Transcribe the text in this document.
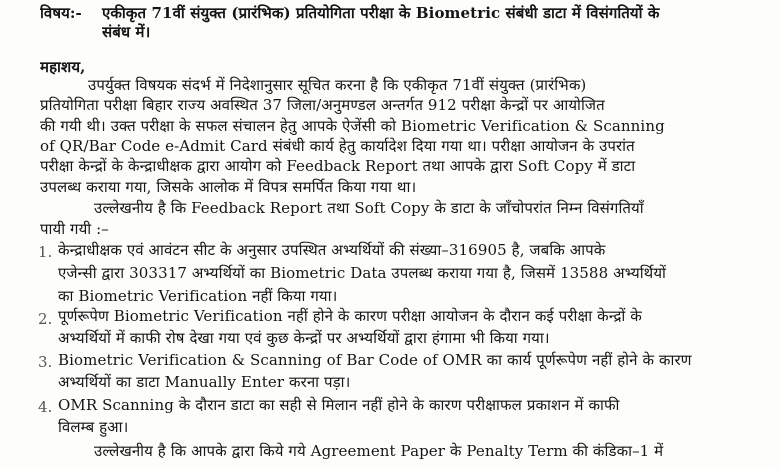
विषय:-	एकीकृत 71वीं संयुक्त (प्रारंभिक) प्रतियोगिता परीक्षा के Biometric संबंधी डाटा में विसंगतियों के
संबंध में।
महाशय,
उपर्युक्त विषयक संदर्भ में निदेशानुसार सूचित करना है कि एकीकृत 71वीं संयुक्त (प्रारंभिक)
प्रतियोगिता परीक्षा बिहार राज्य अवस्थित 37 जिला/अनुमण्डल अन्तर्गत 912 परीक्षा केन्द्रों पर आयोजित
की गयी थी। उक्त परीक्षा के सफल संचालन हेतु आपके ऐजेंसी को Biometric Verification & Scanning
of QR/Bar Code e-Admit Card संबंधी कार्य हेतु कार्यादेश दिया गया था। परीक्षा आयोजन के उपरांत
परीक्षा केन्द्रों के केन्द्राधीक्षक द्वारा आयोग को Feedback Report तथा आपके द्वारा Soft Copy में डाटा
उपलब्ध कराया गया, जिसके आलोक में विपत्र समर्पित किया गया था।
उल्लेखनीय है कि Feedback Report तथा Soft Copy के डाटा के जाँचोपरांत निम्न विसंगतियाँ
पायी गयी :–
1. केन्द्राधीक्षक एवं आवंटन सीट के अनुसार उपस्थित अभ्यर्थियों की संख्या–316905 है, जबकि आपके
एजेन्सी द्वारा 303317 अभ्यर्थियों का Biometric Data उपलब्ध कराया गया है, जिसमें 13588 अभ्यर्थियों
का Biometric Verification नहीं किया गया।
2. पूर्णरूपेण Biometric Verification नहीं होने के कारण परीक्षा आयोजन के दौरान कई परीक्षा केन्द्रों के
अभ्यर्थियों में काफी रोष देखा गया एवं कुछ केन्द्रों पर अभ्यर्थियों द्वारा हंगामा भी किया गया।
3. Biometric Verification & Scanning of Bar Code of OMR का कार्य पूर्णरूपेण नहीं होने के कारण
अभ्यर्थियों का डाटा Manually Enter करना पड़ा।
4. OMR Scanning के दौरान डाटा का सही से मिलान नहीं होने के कारण परीक्षाफल प्रकाशन में काफी
विलम्ब हुआ।
उल्लेखनीय है कि आपके द्वारा किये गये Agreement Paper के Penalty Term की कंडिका–1 में
